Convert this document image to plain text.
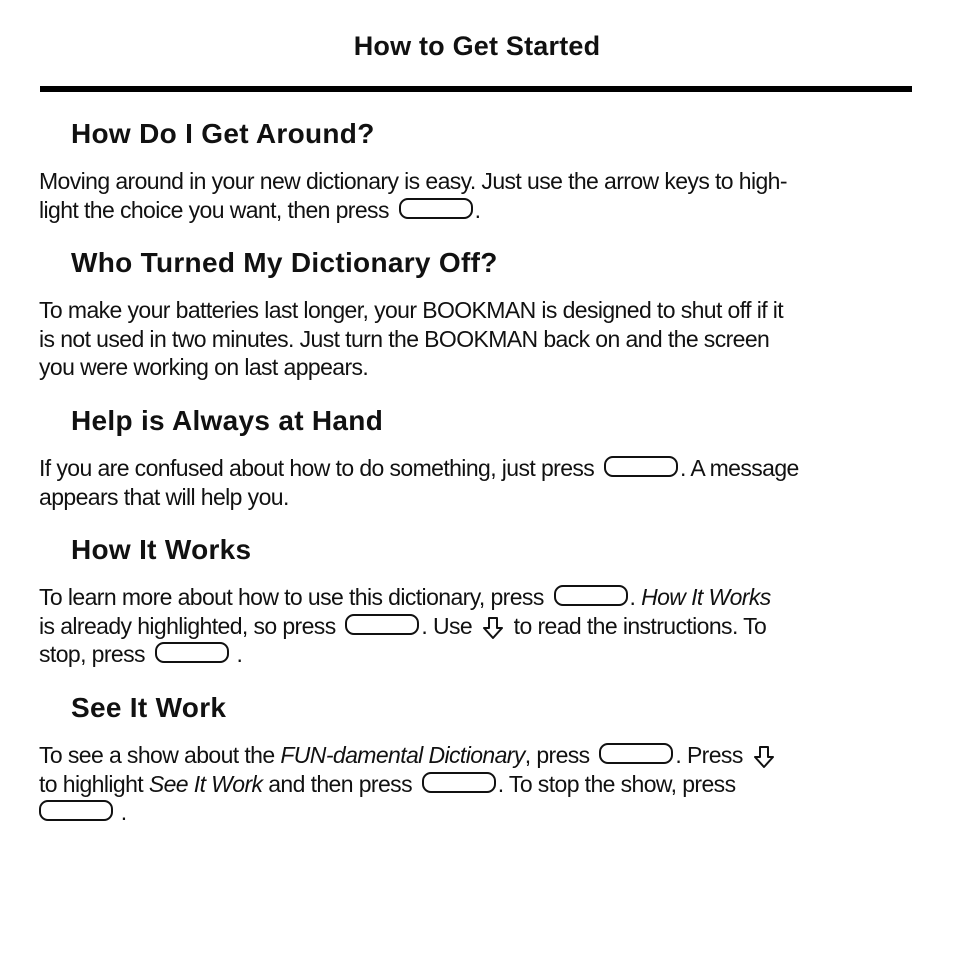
How to Get Started
How Do I Get Around?

Moving around in your new dictionary is easy. Just use the arrow keys to high-
light the choice you want, then press	.

Who Turned My Dictionary Off?

To make your batteries last longer, your BOOKMAN is designed to shut off if it
is not used in two minutes. Just turn the BOOKMAN back on and the screen
you were working on last appears.

Help is Always at Hand

If you are confused about how to do something, just press	. A message
appears that will help you.

How It Works

To learn more about how to use this dictionary, press	. How It Works
is already highlighted, so press	. Use to read the instructions. To
stop, press	.

See It Work

To see a show about the FUN-damental Dictionary, press	. Press

to highlight See It Work and then press	. To stop the show, press
.
